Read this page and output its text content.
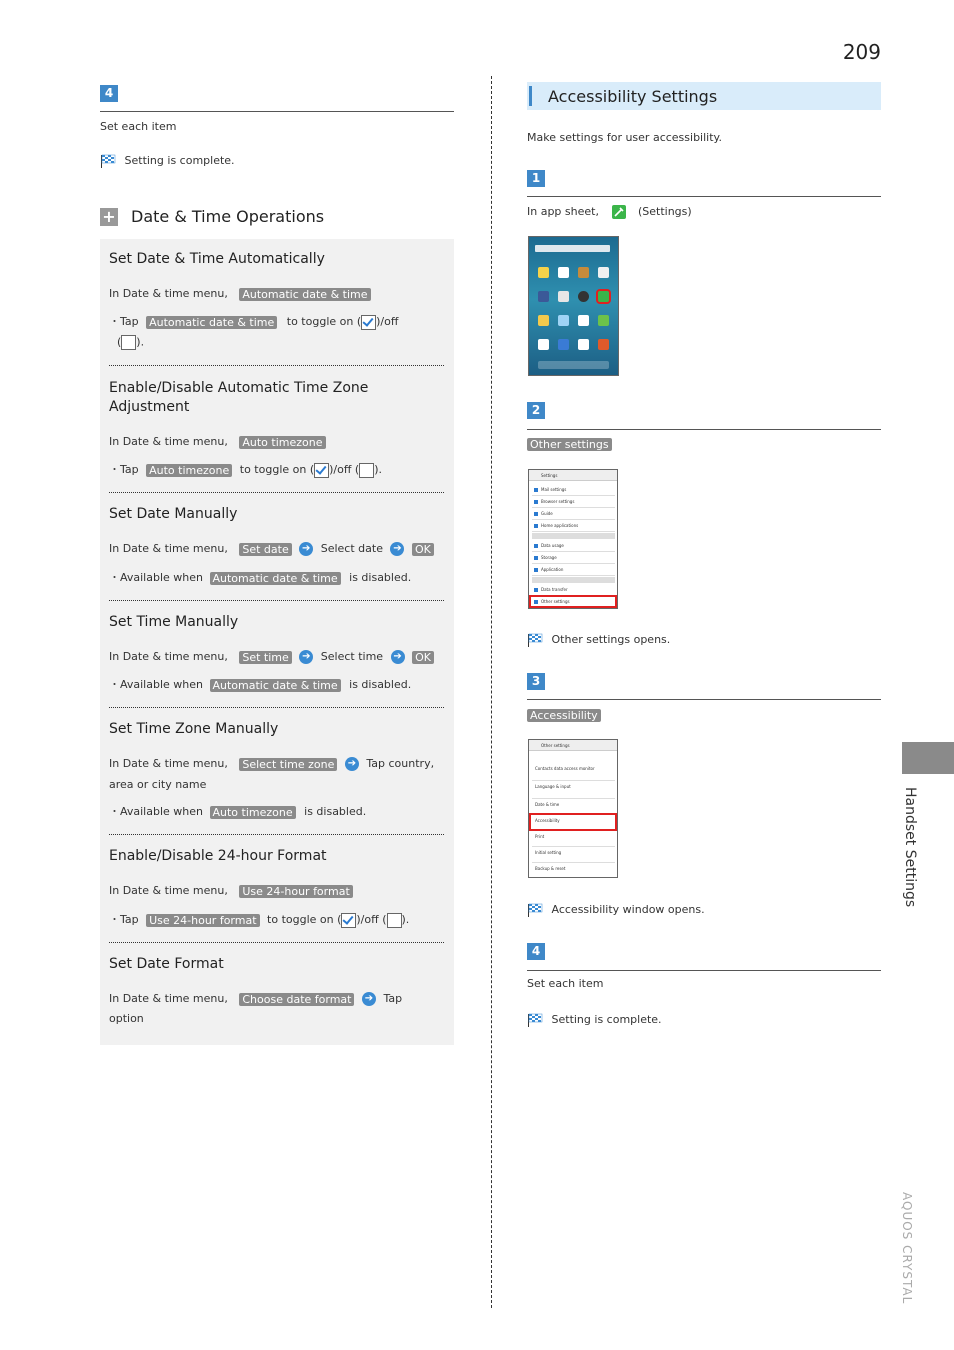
209
4
Set each item
Setting is complete.
+ Date & Time Operations
Set Date & Time Automatically
In Date & time menu, Automatic date & time
・Tap Automatic date & time to toggle on ( )/off
( ).
Enable/Disable Automatic Time Zone
Adjustment
In Date & time menu, Auto timezone
・Tap Auto timezone to toggle on ( )/off ( ).
Set Date Manually
In Date & time menu, Set date ➔ Select date ➔ OK
・Available when Automatic date & time is disabled.
Set Time Manually
In Date & time menu, Set time ➔ Select time ➔ OK
・Available when Automatic date & time is disabled.
Set Time Zone Manually
In Date & time menu, Select time zone ➔ Tap country,
area or city name
・Available when Auto timezone is disabled.
Enable/Disable 24-hour Format
In Date & time menu, Use 24-hour format
・Tap Use 24-hour format to toggle on ( )/off ( ).
Set Date Format
In Date & time menu, Choose date format ➔ Tap
option
Accessibility Settings
Make settings for user accessibility.
1
In app sheet,	(Settings)
2
Other settings
Settings
Mail settings
Browser settings
Guide
Home applications
Data usage
Storage
Application
Data transfer
Other settings
Other settings opens.
3
Accessibility
Other settings
Contacts data access monitor
Language & input
Date & time
Accessibility
Print
Initial setting
Backup & reset
Accessibility window opens.
4
Set each item
Setting is complete.
Handset Settings
AQUOS CRYSTAL
